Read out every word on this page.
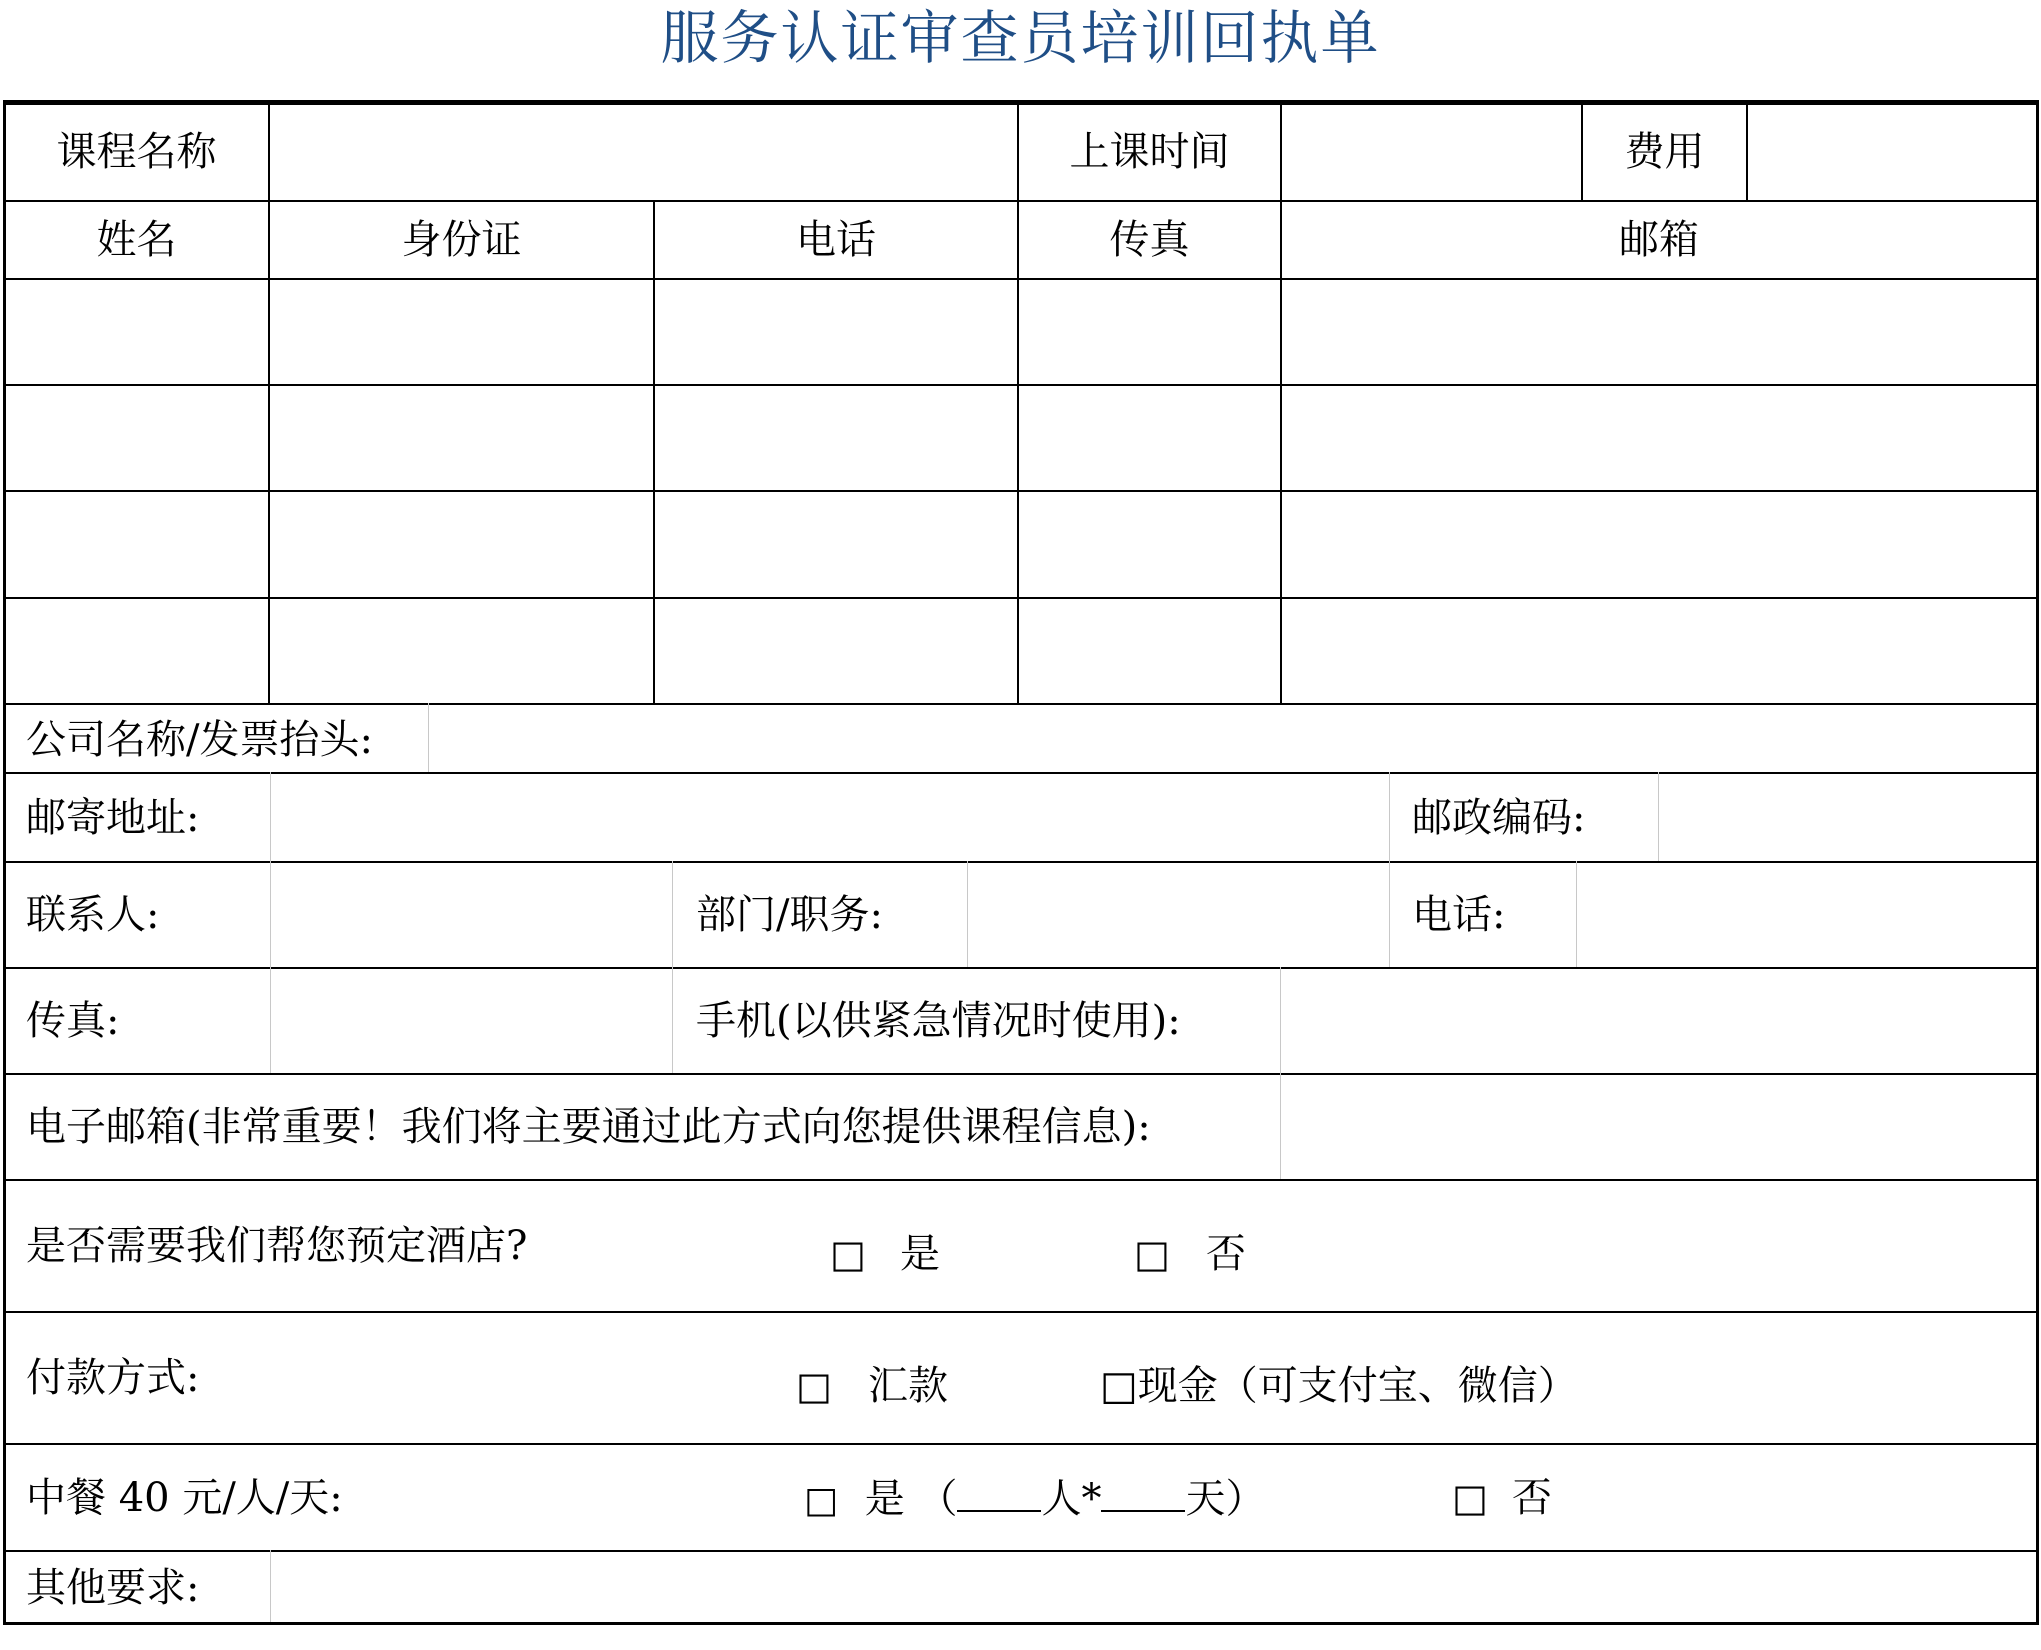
服务认证审查员培训回执单
课程名称	上课时间	费用
姓名	身份证	电话	传真	邮箱
公司名称/发票抬头:
邮寄地址:	邮政编码:
联系人:	部门/职务:	电话:
传真:	手机(以供紧急情况时使用):
电子邮箱(非常重要！我们将主要通过此方式向您提供课程信息):
是否需要我们帮您预定酒店?	□ 是	□ 否
付款方式:	□ 汇款	□现金（可支付宝、微信）
中餐 40 元/人/天:	□ 是 （ 人* 天）	□ 否
其他要求:
